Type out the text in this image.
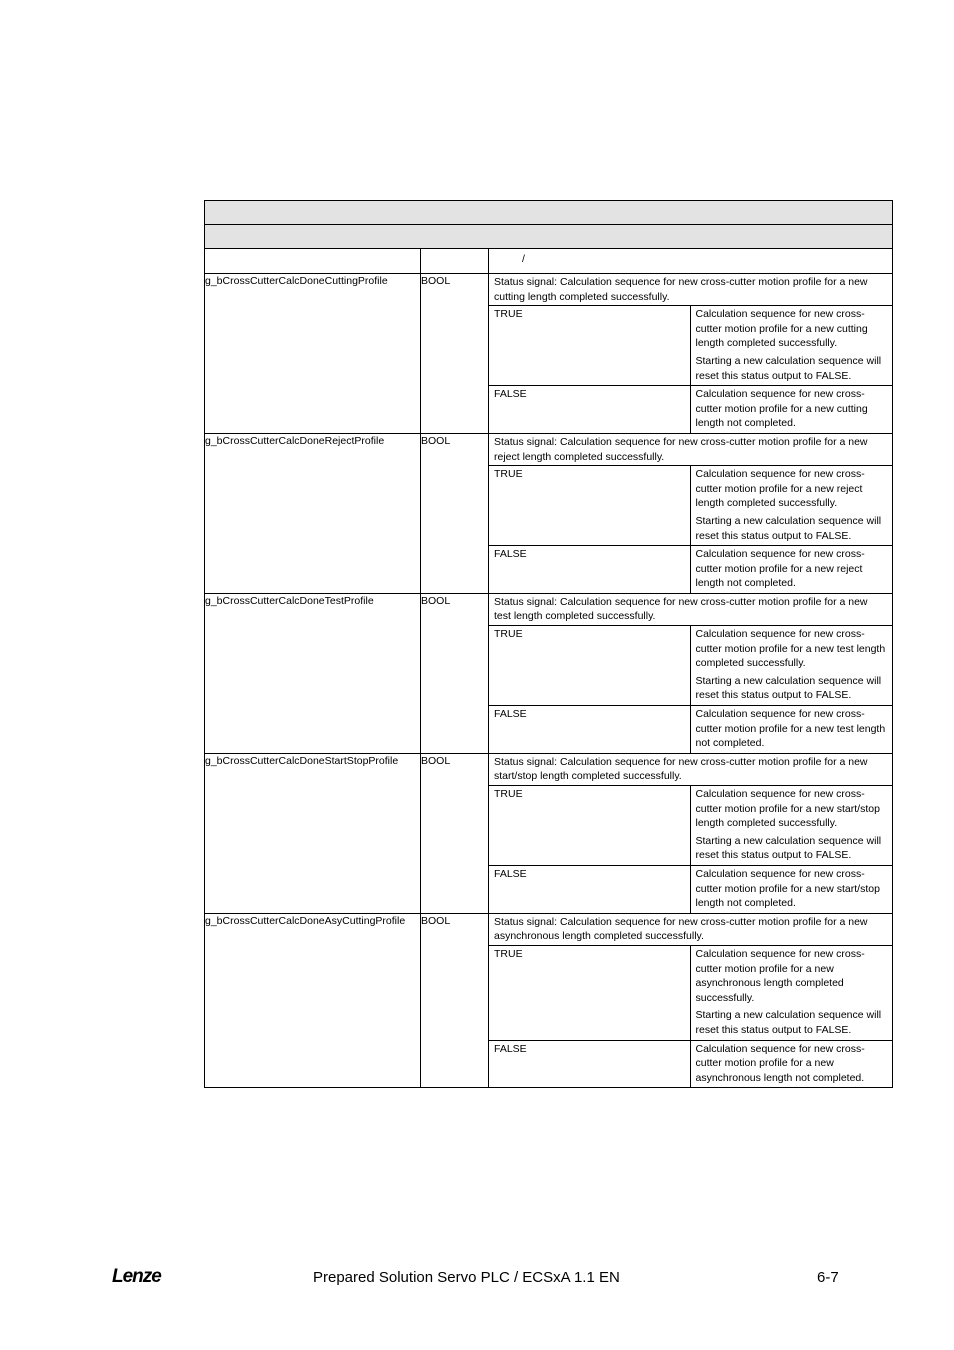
		/
g_bCrossCutterCalcDoneCuttingProfile	BOOL	Status signal: Calculation sequence for new cross-cutter motion profile for a new cutting length completed successfully.
TRUE	Calculation sequence for new cross-cutter motion profile for a new cutting length completed successfully.

Starting a new calculation sequence will reset this status output to FALSE.

FALSE	Calculation sequence for new cross-cutter motion profile for a new cutting length not completed.

g_bCrossCutterCalcDoneRejectProfile	BOOL	Status signal: Calculation sequence for new cross-cutter motion profile for a new reject length completed successfully.
TRUE	Calculation sequence for new cross-cutter motion profile for a new reject length completed successfully.

Starting a new calculation sequence will reset this status output to FALSE.

FALSE	Calculation sequence for new cross-cutter motion profile for a new reject length not completed.

g_bCrossCutterCalcDoneTestProfile	BOOL	Status signal: Calculation sequence for new cross-cutter motion profile for a new test length completed successfully.
TRUE	Calculation sequence for new cross-cutter motion profile for a new test length completed successfully.

Starting a new calculation sequence will reset this status output to FALSE.

FALSE	Calculation sequence for new cross-cutter motion profile for a new test length not completed.

g_bCrossCutterCalcDoneStartStopProfile	BOOL	Status signal: Calculation sequence for new cross-cutter motion profile for a new start/stop length completed successfully.
TRUE	Calculation sequence for new cross-cutter motion profile for a new start/stop length completed successfully.

Starting a new calculation sequence will reset this status output to FALSE.

FALSE	Calculation sequence for new cross-cutter motion profile for a new start/stop length not completed.

g_bCrossCutterCalcDoneAsyCuttingProfile	BOOL	Status signal: Calculation sequence for new cross-cutter motion profile for a new asynchronous length completed successfully.
TRUE	Calculation sequence for new cross-cutter motion profile for a new asynchronous length completed successfully.

Starting a new calculation sequence will reset this status output to FALSE.

FALSE	Calculation sequence for new cross-cutter motion profile for a new asynchronous length not completed.
Lenze	Prepared Solution Servo PLC / ECSxA 1.1 EN	6-7
